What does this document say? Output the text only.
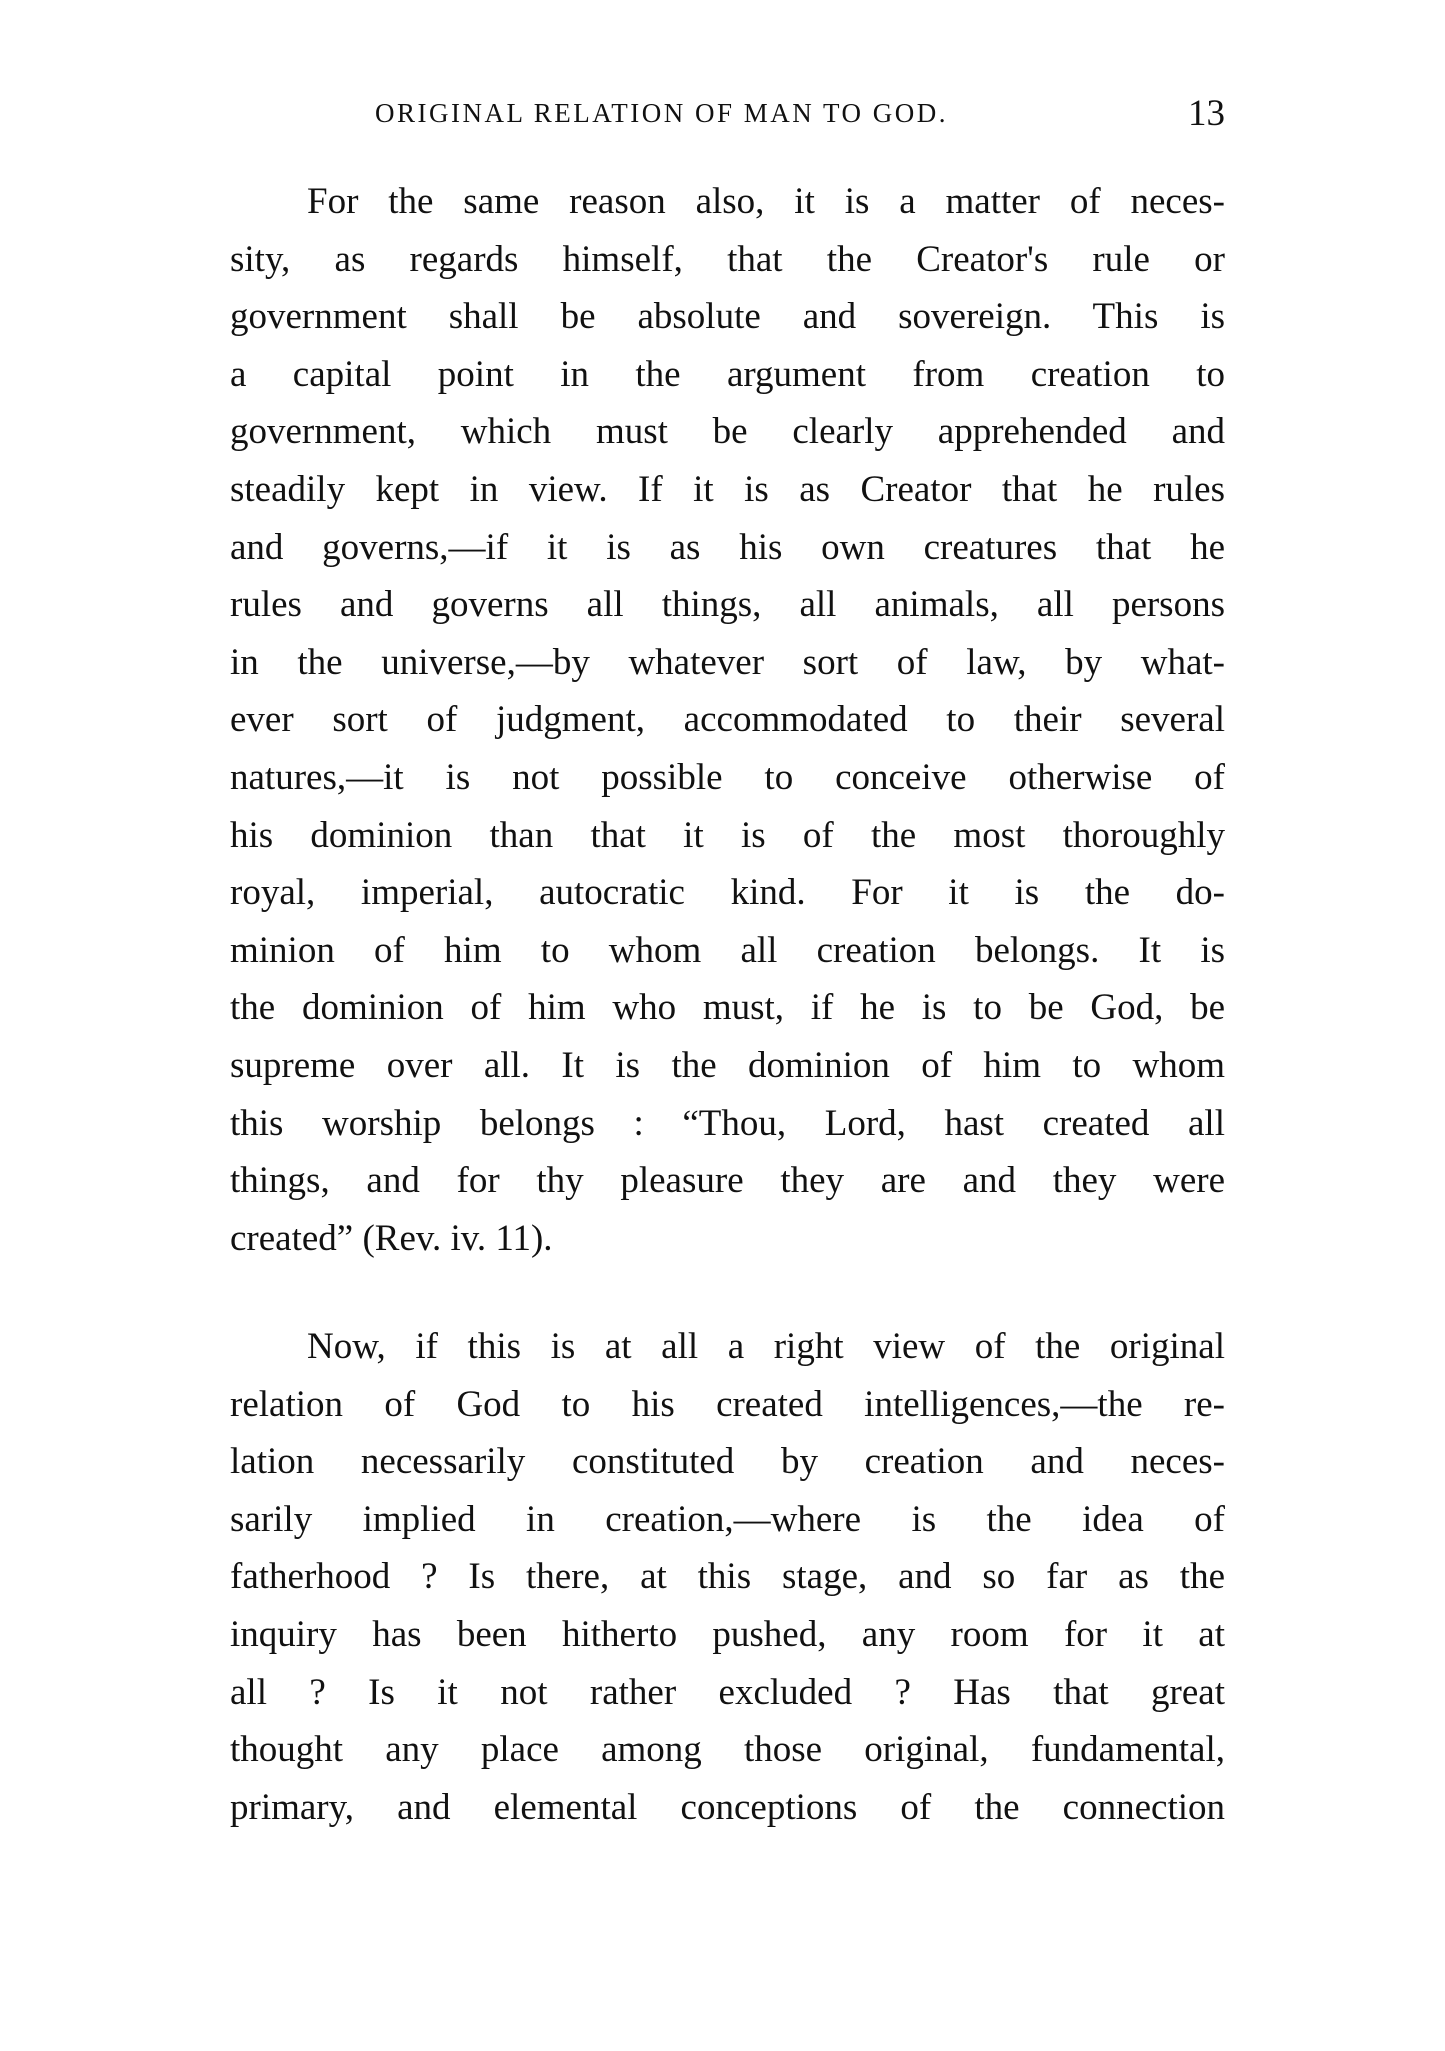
ORIGINAL RELATION OF MAN TO GOD.	13

For the same reason also, it is a matter of neces-
sity, as regards himself, that the Creator's rule or
government shall be absolute and sovereign. This is
a capital point in the argument from creation to
government, which must be clearly apprehended and
steadily kept in view. If it is as Creator that he rules
and governs,—if it is as his own creatures that he
rules and governs all things, all animals, all persons
in the universe,—by whatever sort of law, by what-
ever sort of judgment, accommodated to their several
natures,—it is not possible to conceive otherwise of
his dominion than that it is of the most thoroughly
royal, imperial, autocratic kind. For it is the do-
minion of him to whom all creation belongs. It is
the dominion of him who must, if he is to be God, be
supreme over all. It is the dominion of him to whom
this worship belongs : “Thou, Lord, hast created all
things, and for thy pleasure they are and they were
created” (Rev. iv. 11).

Now, if this is at all a right view of the original
relation of God to his created intelligences,—the re-
lation necessarily constituted by creation and neces-
sarily implied in creation,—where is the idea of
fatherhood ? Is there, at this stage, and so far as the
inquiry has been hitherto pushed, any room for it at
all ? Is it not rather excluded ? Has that great
thought any place among those original, fundamental,
primary, and elemental conceptions of the connection
